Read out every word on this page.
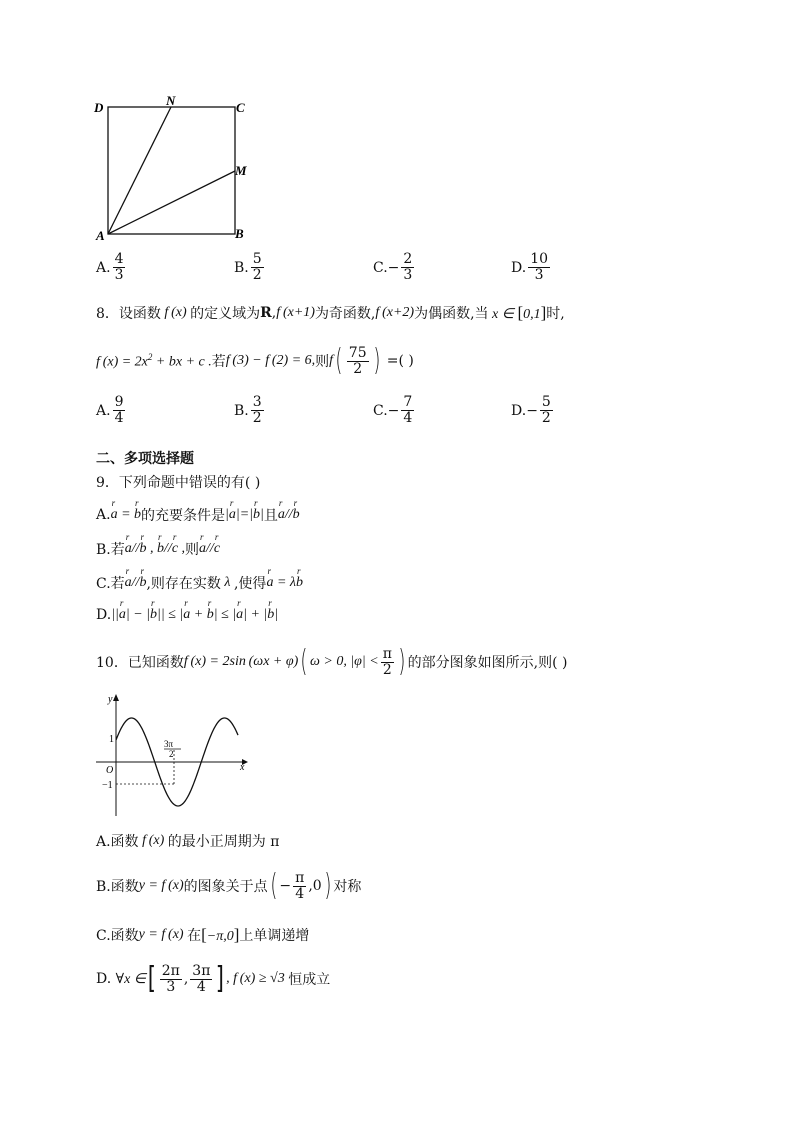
D	N	C
M
A	B
A. $\frac{4}{3}$	B. $\frac{5}{2}$	C. − $\frac{2}{3}$	D. $\frac{10}{3}$
8． 设函数 f (x) 的定义域为 R , f (x+1) 为奇函数, f (x+2) 为偶函数,当 x ∈ [0,1] 时,
f $(x) = 2x^2$ + bx + c . 若 f (3) − f (2) = 6, 则 f ( $\frac{75}{2}$ ) = ( )
A. $\frac{9}{4}$	B. $\frac{3}{2}$	C. − $\frac{7}{4}$	D. − $\frac{5}{2}$
二、多项选择题
9．下列命题中错误的有( )
A. r a = r b 的充要条件是 |r a|=|r b| 且 r a//r b
B.若 r a//r b , r b//r c , 则 r a//r c
C.若 r a//r b ,则存在实数 λ ,使得 r a = λr b
D. ||r a| − |r b|| ≤ |r a + r b| ≤ |r a| + |r b|
10．已知函数 f (x) = 2sin (ωx + φ) ( ω > 0, $|\varphi| < \frac{\pi}{2}$ ) 的部分图象如图所示,则( )
y
x
1
O
−1
3π
2
A.函数 f (x) 的最小正周期为 π
B.函数 y = f (x) 的图象关于点 ( − $\frac{\pi}{4} ,0$ ) 对称
C.函数 y = f (x) 在 [−π,0] 上单调递增
D. ∀ x ∈ [ $\frac{2\pi}{3}$ , $\frac{3\pi}{4}$ ] , f (x) ≥ √3 恒成立
